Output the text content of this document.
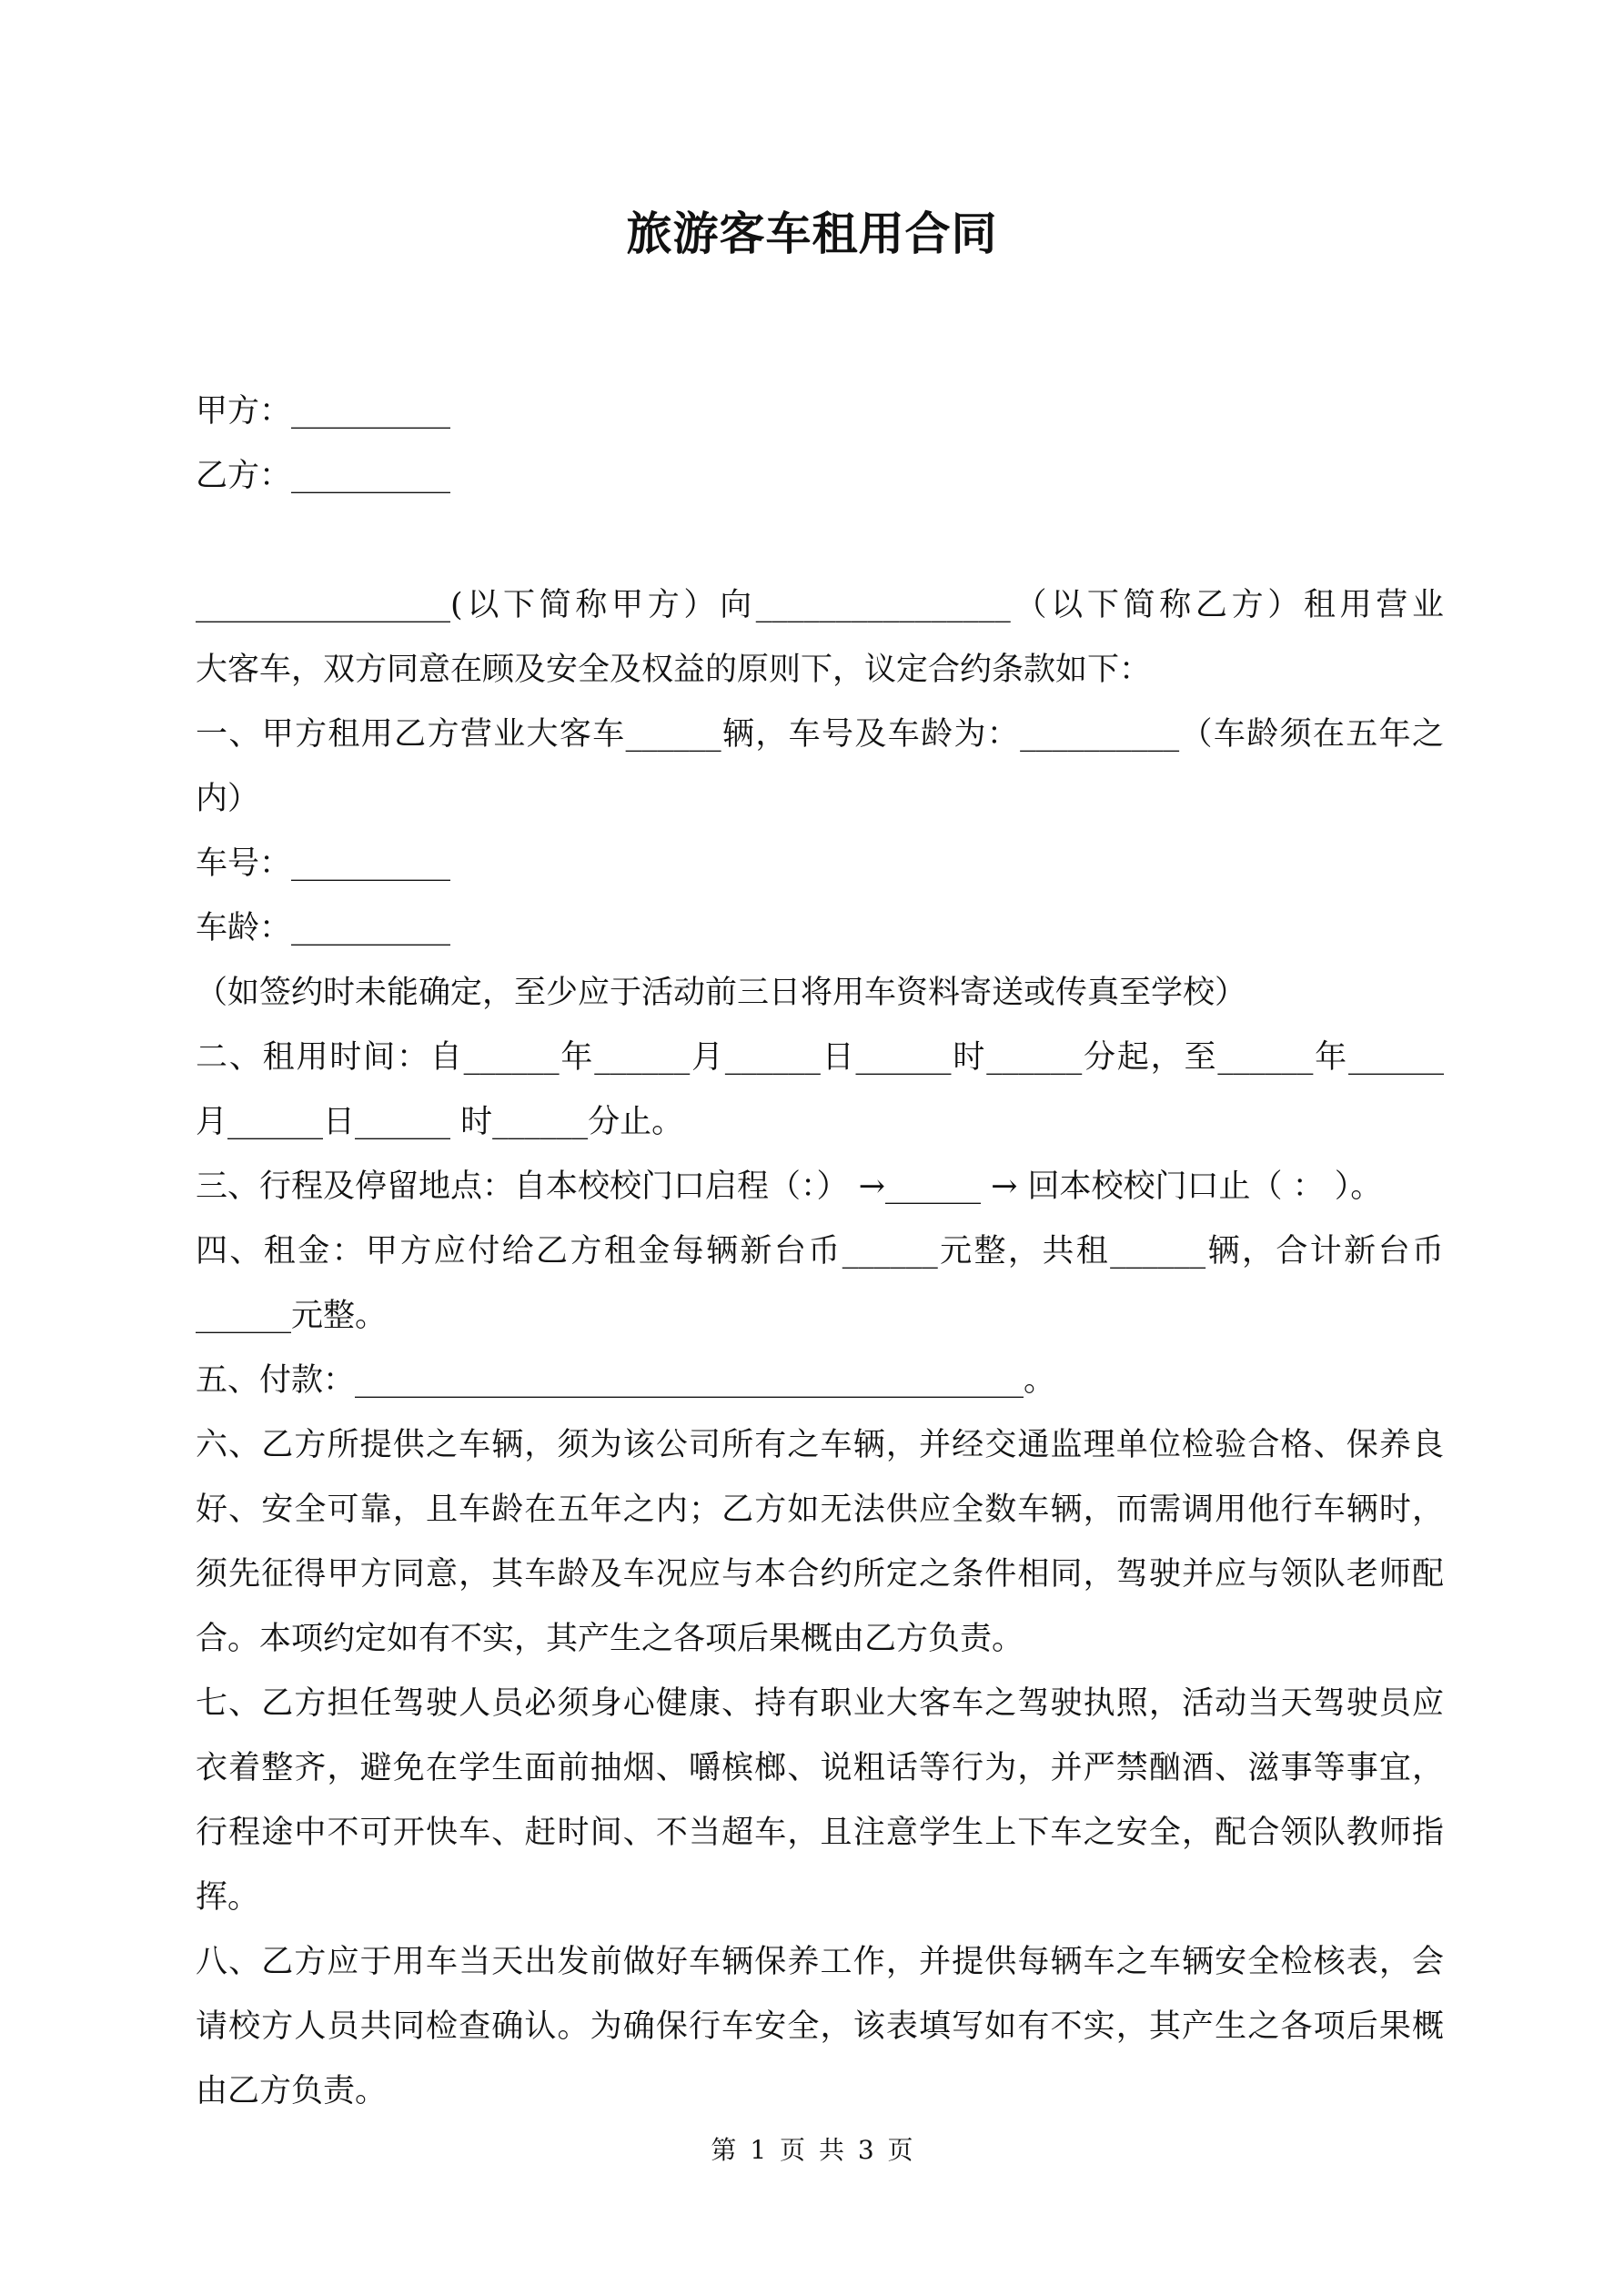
旅游客车租用合同
甲方：__________
乙方：__________
________________(以下简称甲方）向________________（以下简称乙方）租用营业
大客车，双方同意在顾及安全及权益的原则下，议定合约条款如下：
一、甲方租用乙方营业大客车______辆，车号及车龄为：__________（车龄须在五年之
内）
车号：__________
车龄：__________
（如签约时未能确定，至少应于活动前三日将用车资料寄送或传真至学校）
二、租用时间：自______年______月______日______时______分起，至______年______
月______日______ 时______分止。
三、行程及停留地点：自本校校门口启程（：） →______ → 回本校校门口止（ ： ）。
四、租金：甲方应付给乙方租金每辆新台币______元整，共租______辆，合计新台币
______元整。
五、付款：__________________________________________。
六、乙方所提供之车辆，须为该公司所有之车辆，并经交通监理单位检验合格、保养良
好、安全可靠，且车龄在五年之内；乙方如无法供应全数车辆，而需调用他行车辆时，
须先征得甲方同意，其车龄及车况应与本合约所定之条件相同，驾驶并应与领队老师配
合。本项约定如有不实，其产生之各项后果概由乙方负责。
七、乙方担任驾驶人员必须身心健康、持有职业大客车之驾驶执照，活动当天驾驶员应
衣着整齐，避免在学生面前抽烟、嚼槟榔、说粗话等行为，并严禁酗酒、滋事等事宜，
行程途中不可开快车、赶时间、不当超车，且注意学生上下车之安全，配合领队教师指
挥。
八、乙方应于用车当天出发前做好车辆保养工作，并提供每辆车之车辆安全检核表，会
请校方人员共同检查确认。为确保行车安全，该表填写如有不实，其产生之各项后果概
由乙方负责。
第 1 页 共 3 页
